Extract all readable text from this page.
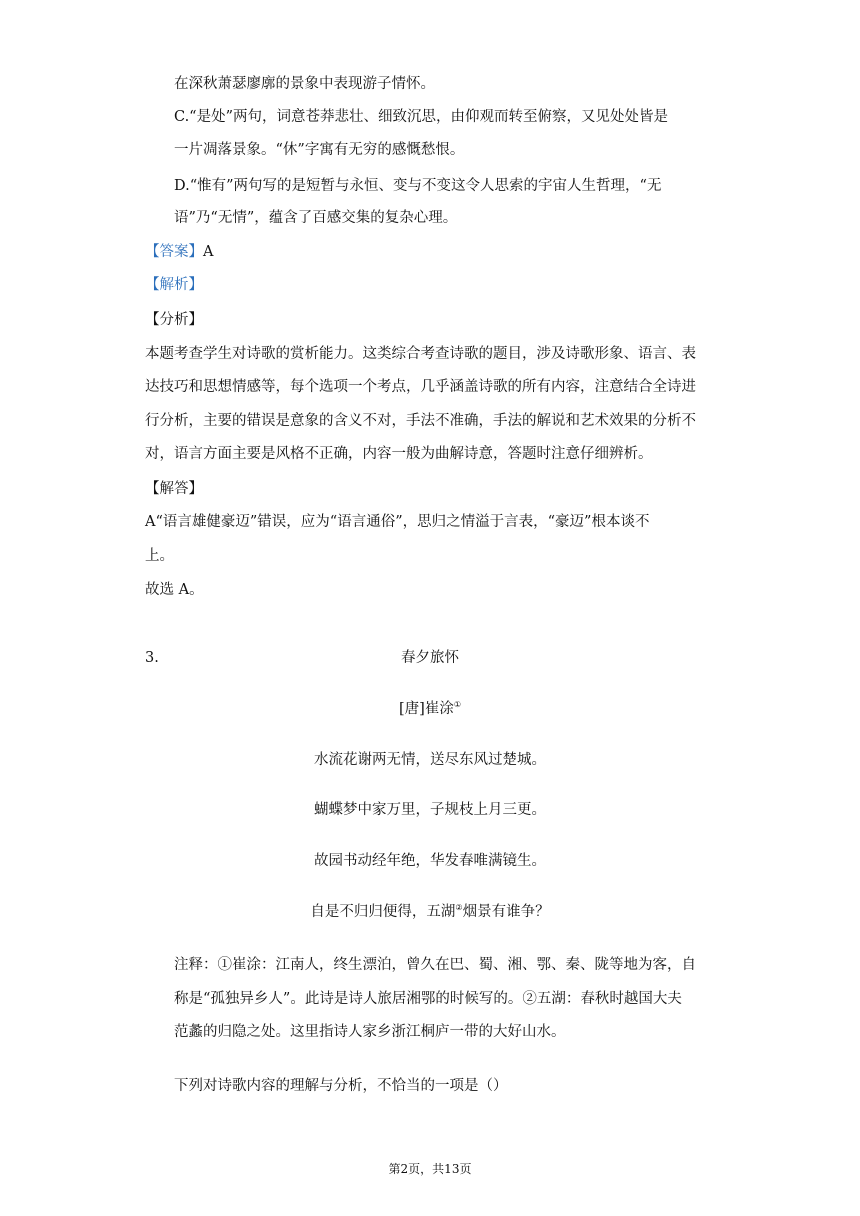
在深秋萧瑟廖廓的景象中表现游子情怀。
C.“是处”两句，词意苍莽悲壮、细致沉思，由仰观而转至俯察，又见处处皆是
一片凋落景象。“休”字寓有无穷的感慨愁恨。
D.“惟有”两句写的是短暂与永恒、变与不变这令人思索的宇宙人生哲理，“无
语”乃“无情”，蕴含了百感交集的复杂心理。
【答案】A
【解析】
【分析】
本题考查学生对诗歌的赏析能力。这类综合考查诗歌的题目，涉及诗歌形象、语言、表
达技巧和思想情感等，每个选项一个考点，几乎涵盖诗歌的所有内容，注意结合全诗进
行分析，主要的错误是意象的含义不对，手法不准确，手法的解说和艺术效果的分析不
对，语言方面主要是风格不正确，内容一般为曲解诗意，答题时注意仔细辨析。
【解答】
A“语言雄健豪迈”错误，应为“语言通俗”，思归之情溢于言表，“豪迈”根本谈不
上。
故选 A。
3.	春夕旅怀
[唐]崔涂①
水流花谢两无情，送尽东风过楚城。
蝴蝶梦中家万里，子规枝上月三更。
故园书动经年绝，华发春唯满镜生。
自是不归归便得，五湖②烟景有谁争？
注释：①崔涂：江南人，终生漂泊，曾久在巴、蜀、湘、鄂、秦、陇等地为客，自
称是“孤独异乡人”。此诗是诗人旅居湘鄂的时候写的。②五湖：春秋时越国大夫
范蠡的归隐之处。这里指诗人家乡浙江桐庐一带的大好山水。
下列对诗歌内容的理解与分析，不恰当的一项是（）
第2页，共13页
